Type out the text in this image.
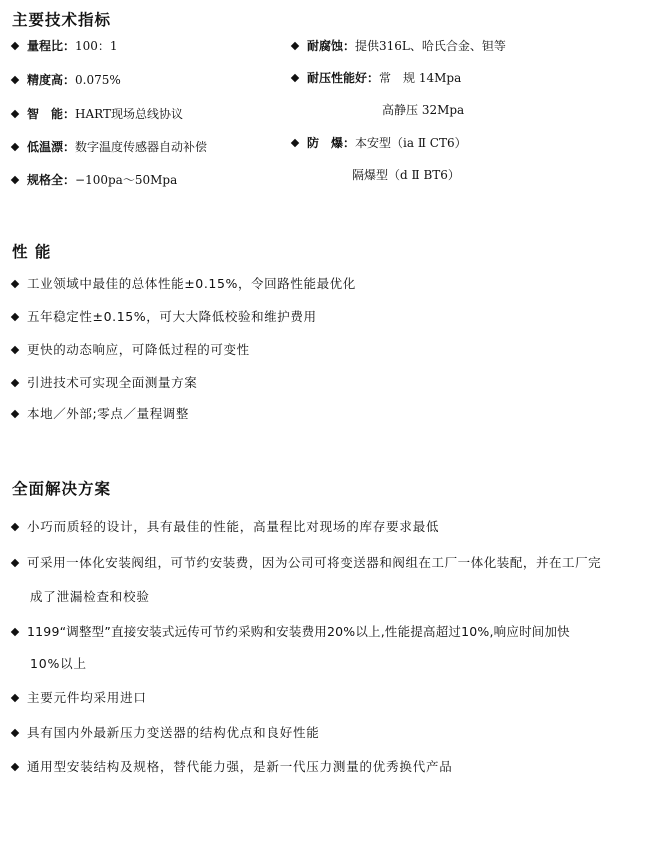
主要技术指标
量程比 ： 100：1
精度高 ： 0.075%
智　能 ： HART现场总线协议
低温漂 ： 数字温度传感器自动补偿
规格全 ： −100pa～50Mpa
耐腐蚀 ： 提供316L、哈氏合金、钽等
耐压性能好 ： 常　规 14Mpa
高静压 32Mpa
防　爆 ： 本安型（ia Ⅱ CT6）
隔爆型（d Ⅱ BT6）
性 能
工业领域中最佳的总体性能±0.15%，令回路性能最优化
五年稳定性±0.15%，可大大降低校验和维护费用
更快的动态响应，可降低过程的可变性
引进技术可实现全面测量方案
本地／外部;零点／量程调整
全面解决方案
小巧而质轻的设计，具有最佳的性能，高量程比对现场的库存要求最低
可采用一体化安装阀组，可节约安装费，因为公司可将变送器和阀组在工厂一体化装配，并在工厂完
成了泄漏检查和校验
1199“调整型”直接安装式远传可节约采购和安装费用20%以上,性能提高超过10%,响应时间加快
10%以上
主要元件均采用进口
具有国内外最新压力变送器的结构优点和良好性能
通用型安装结构及规格，替代能力强，是新一代压力测量的优秀换代产品
